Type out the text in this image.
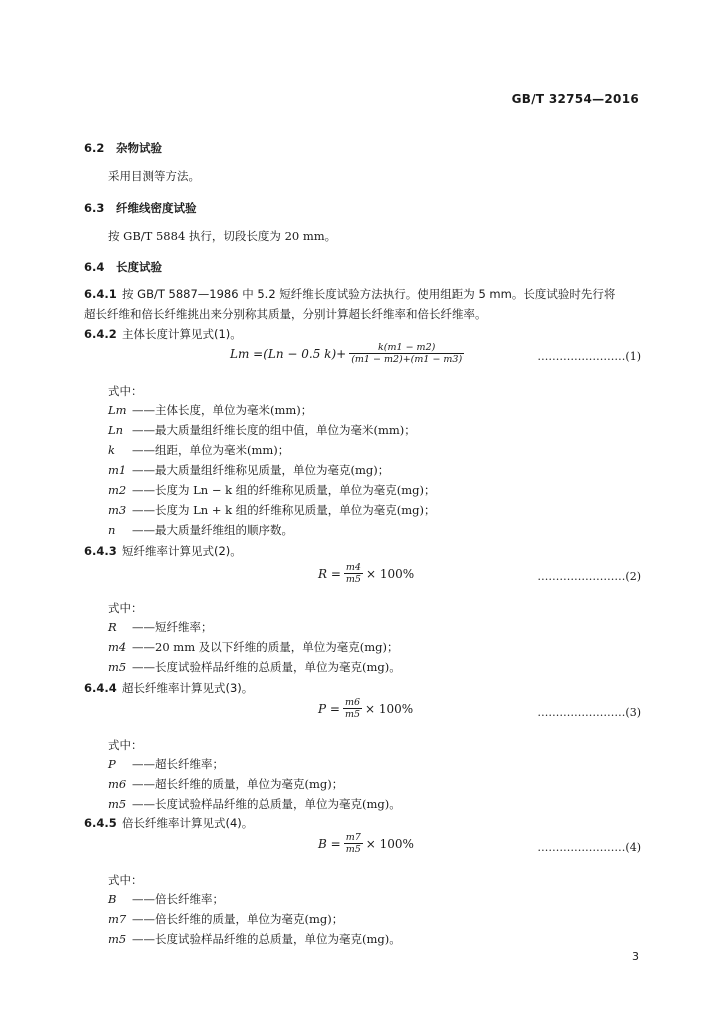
GB/T 32754—2016
6.2 杂物试验
采用目测等方法。
6.3 纤维线密度试验
按 GB/T 5884 执行，切段长度为 20 mm。
6.4 长度试验
6.4.1 按 GB/T 5887—1986 中 5.2 短纤维长度试验方法执行。使用组距为 5 mm。长度试验时先行将
超长纤维和倍长纤维挑出来分别称其质量，分别计算超长纤维率和倍长纤维率。
6.4.2 主体长度计算见式(1)。
Lm =(Ln − 0.5 $k)+ \frac{k(m1 - m2)}{(m1 - m2)+(m1 - m3)}$	……………………(1)
式中：
Lm ——主体长度，单位为毫米(mm)；
Ln ——最大质量组纤维长度的组中值，单位为毫米(mm)；
k ——组距，单位为毫米(mm)；
m1 ——最大质量组纤维称见质量，单位为毫克(mg)；
m2 ——长度为 Ln − k 组的纤维称见质量，单位为毫克(mg)；
m3 ——长度为 Ln + k 组的纤维称见质量，单位为毫克(mg)；
n ——最大质量纤维组的顺序数。
6.4.3 短纤维率计算见式(2)。
$R = \frac{m4}{m5} \times 100\%$	……………………(2)
式中：
R ——短纤维率；
m4 ——20 mm 及以下纤维的质量，单位为毫克(mg)；
m5 ——长度试验样品纤维的总质量，单位为毫克(mg)。
6.4.4 超长纤维率计算见式(3)。
$P = \frac{m6}{m5} \times 100\%$	……………………(3)
式中：
P ——超长纤维率；
m6 ——超长纤维的质量，单位为毫克(mg)；
m5 ——长度试验样品纤维的总质量，单位为毫克(mg)。
6.4.5 倍长纤维率计算见式(4)。
$B = \frac{m7}{m5} \times 100\%$	……………………(4)
式中：
B ——倍长纤维率；
m7 ——倍长纤维的质量，单位为毫克(mg)；
m5 ——长度试验样品纤维的总质量，单位为毫克(mg)。
3
